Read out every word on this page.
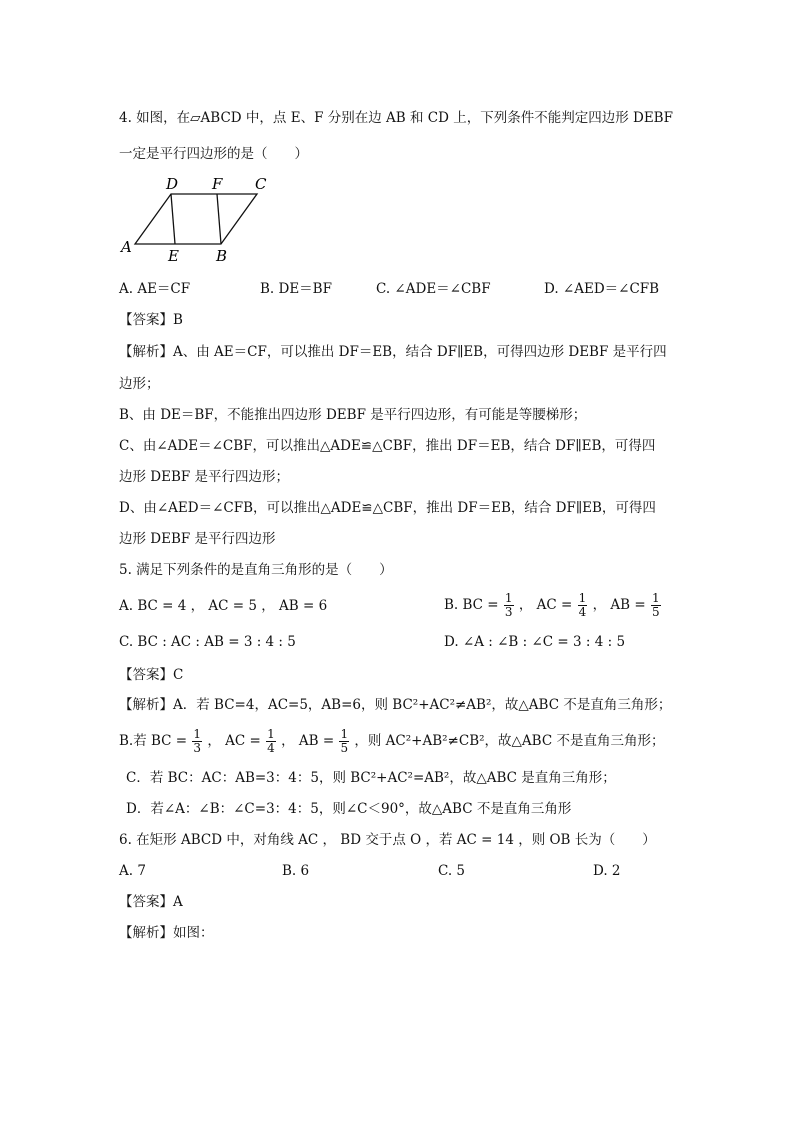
4. 如图，在▱ABCD 中，点 E、F 分别在边 AB 和 CD 上，下列条件不能判定四边形 DEBF
一定是平行四边形的是（　　）
A
D F C
E B
A. AE＝CF	B. DE＝BF	C. ∠ADE＝∠CBF	D. ∠AED＝∠CFB
【答案】B
【解析】A、由 AE＝CF，可以推出 DF＝EB，结合 DF∥EB，可得四边形 DEBF 是平行四
边形；
B、由 DE＝BF，不能推出四边形 DEBF 是平行四边形，有可能是等腰梯形；
C、由∠ADE＝∠CBF，可以推出△ADE≌△CBF，推出 DF＝EB，结合 DF∥EB，可得四
边形 DEBF 是平行四边形；
D、由∠AED＝∠CFB，可以推出△ADE≌△CBF，推出 DF＝EB，结合 DF∥EB，可得四
边形 DEBF 是平行四边形
5. 满足下列条件的是直角三角形的是（　　）
A. BC = 4 ， AC = 5 ， AB = 6	B. BC = $\frac{1}{3}$ ， AC = $\frac{1}{4}$ ， AB = $\frac{1}{5}$
C. BC : AC : AB = 3 : 4 : 5	D. ∠A : ∠B : ∠C = 3 : 4 : 5
【答案】C
【解析】A．若 BC=4，AC=5，AB=6，则 BC²+AC²≠AB²，故△ABC 不是直角三角形；
B.若 BC = $\frac{1}{3}$ ， AC = $\frac{1}{4}$ ， AB = $\frac{1}{5}$ ，则 AC²+AB²≠CB²，故△ABC 不是直角三角形；
C．若 BC：AC：AB=3：4：5，则 BC²+AC²=AB²，故△ABC 是直角三角形；
D．若∠A：∠B：∠C=3：4：5，则∠C＜90°，故△ABC 不是直角三角形
6. 在矩形 ABCD 中，对角线 AC ， BD 交于点 O ，若 AC = 14 ，则 OB 长为（　　）
A. 7	B. 6	C. 5	D. 2
【答案】A
【解析】如图：
